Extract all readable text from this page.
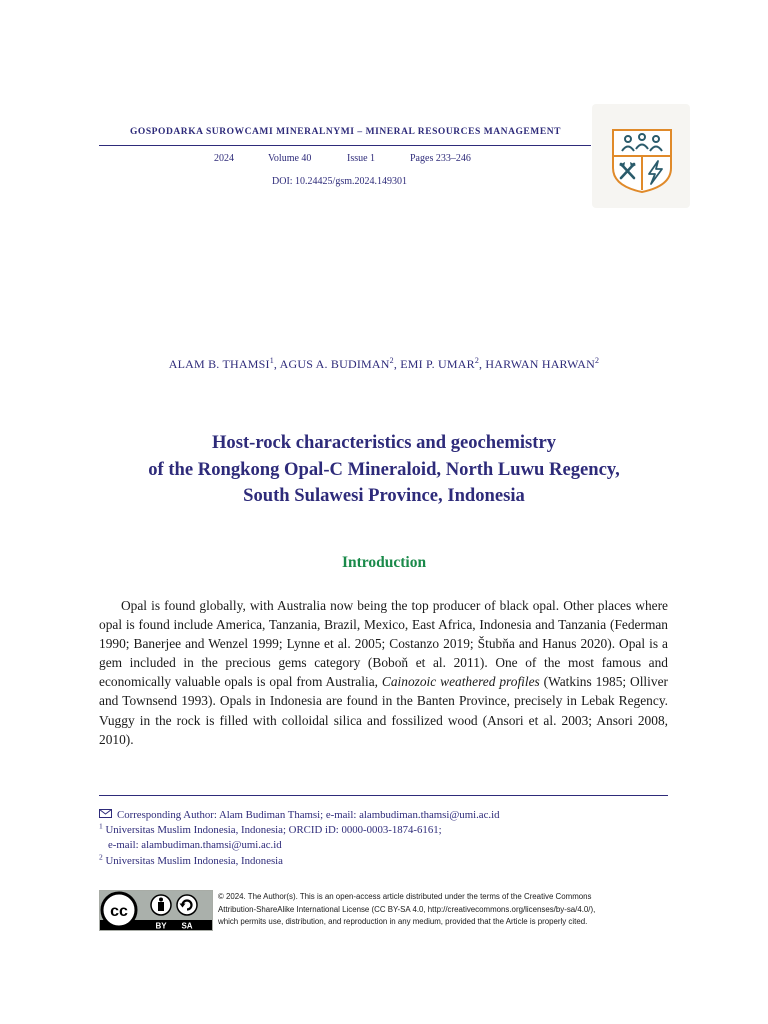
GOSPODARKA SUROWCAMI MINERALNYMI – MINERAL RESOURCES MANAGEMENT
2024	Volume 40	Issue 1	Pages 233–246
DOI: 10.24425/gsm.2024.149301
ALAM B. THAMSI$^1$, AGUS A. BUDIMAN$^2$, EMI P. UMAR$^2$, HARWAN HARWAN$^2$
Host-rock characteristics and geochemistry
of the Rongkong Opal-C Mineraloid, North Luwu Regency,
South Sulawesi Province, Indonesia
Introduction

Opal is found globally, with Australia now being the top producer of black opal. Other places where opal is found include America, Tanzania, Brazil, Mexico, East Africa, Indonesia and Tanzania (Federman 1990; Banerjee and Wenzel 1999; Lynne et al. 2005; Costanzo 2019; Štubňa and Hanus 2020). Opal is a gem included in the precious gems category (Boboň et al. 2011). One of the most famous and economically valuable opals is opal from Australia, Cainozoic weathered profiles (Watkins 1985; Olliver and Townsend 1993). Opals in Indonesia are found in the Banten Province, precisely in Lebak Regency. Vuggy in the rock is filled with colloidal silica and fossilized wood (Ansori et al. 2003; Ansori 2008, 2010).

Corresponding Author: Alam Budiman Thamsi; e-mail: alambudiman.thamsi@umi.ac.id
$^1$ Universitas Muslim Indonesia, Indonesia; ORCID iD: 0000-0003-1874-6161;
e-mail: alambudiman.thamsi@umi.ac.id
$^2$ Universitas Muslim Indonesia, Indonesia
cc
BY SA
© 2024. The Author(s). This is an open-access article distributed under the terms of the Creative Commons
Attribution-ShareAlike International License (CC BY-SA 4.0, http://creativecommons.org/licenses/by-sa/4.0/),
which permits use, distribution, and reproduction in any medium, provided that the Article is properly cited.
